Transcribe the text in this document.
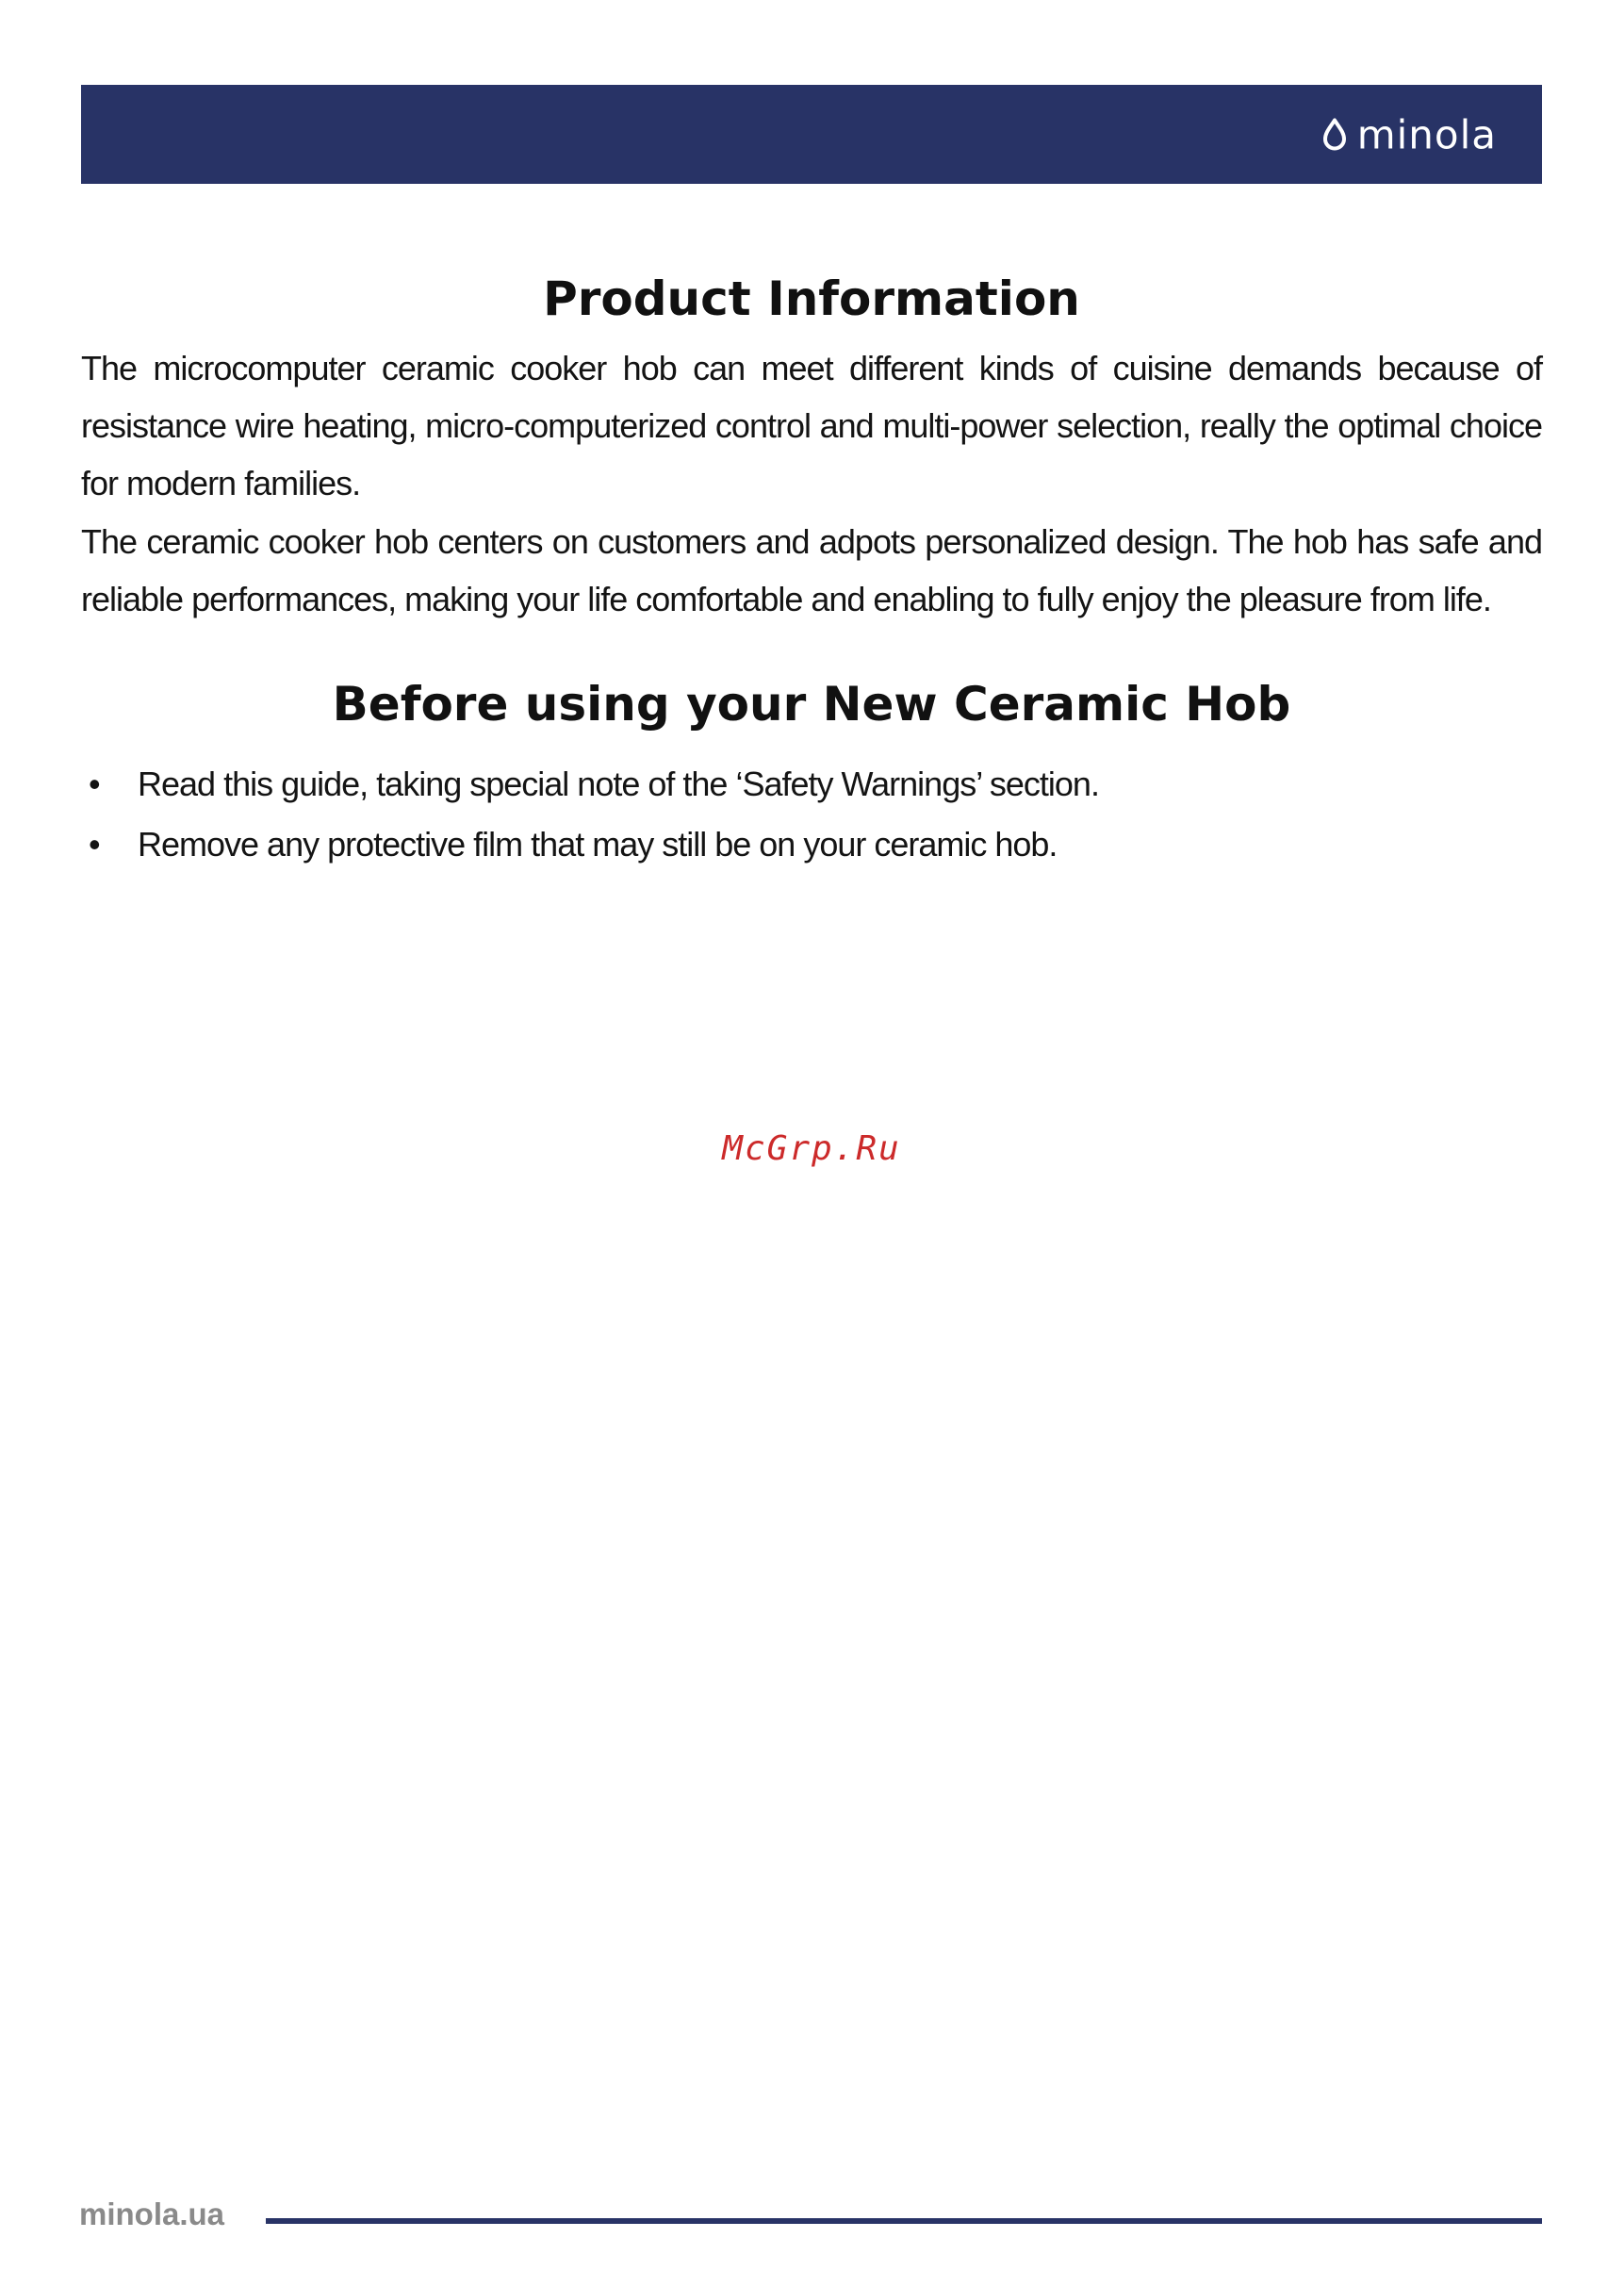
minola
Product Information

The microcomputer ceramic cooker hob can meet different kinds of cuisine demands because of resistance wire heating, micro-computerized control and multi-power selection, really the optimal choice for modern families.

The ceramic cooker hob centers on customers and adpots personalized design. The hob has safe and reliable performances, making your life comfortable and enabling to fully enjoy the pleasure from life.

Before using your New Ceramic Hob
• Read this guide, taking special note of the ‘Safety Warnings’ section.
• Remove any protective film that may still be on your ceramic hob.
McGrp.Ru
minola.ua
